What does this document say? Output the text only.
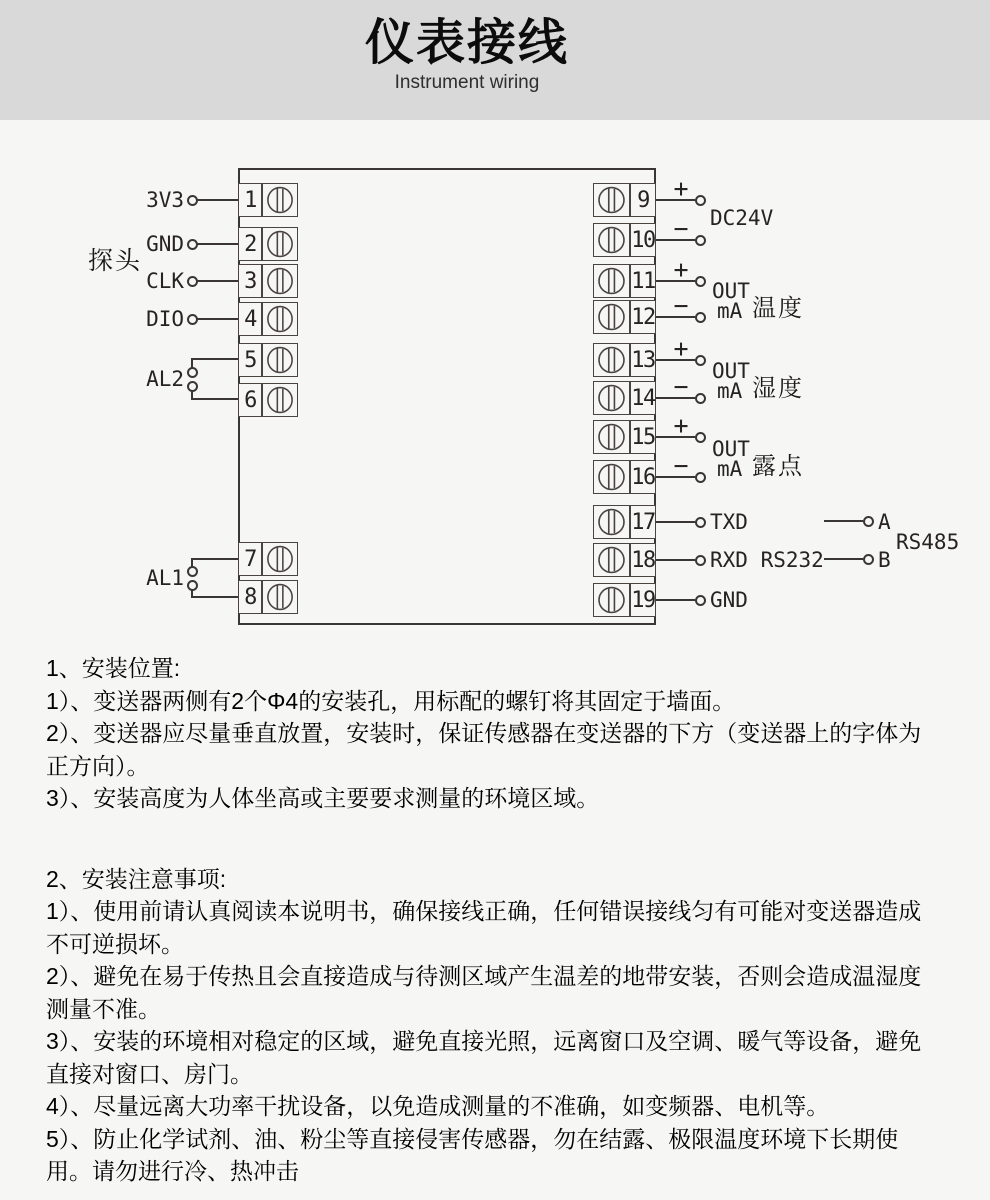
仪表接线
Instrument wiring
探头
AL2
AL1
DC24V
OUT
mA 温度
OUT
mA 湿度
OUT
mA 露点
A
B
RS485
1
3V3
2
GND
3
CLK
4
DIO
5
6
7
8
9 +
10 −
11 +
12 −
13 +
14 −
15 +
16 −
17	TXD
18	RXD RS232
19	GND

1、安装位置:

1）、变送器两侧有2个Φ4的安装孔，用标配的螺钉将其固定于墙面。

2）、变送器应尽量垂直放置，安装时，保证传感器在变送器的下方（变送器上的字体为正方向）。

3）、安装高度为人体坐高或主要要求测量的环境区域。

2、安装注意事项:

1）、使用前请认真阅读本说明书，确保接线正确，任何错误接线匀有可能对变送器造成不可逆损坏。

2）、避免在易于传热且会直接造成与待测区域产生温差的地带安装，否则会造成温湿度测量不准。

3）、安装的环境相对稳定的区域，避免直接光照，远离窗口及空调、暖气等设备，避免直接对窗口、房门。

4）、尽量远离大功率干扰设备，以免造成测量的不准确，如变频器、电机等。

5）、防止化学试剂、油、粉尘等直接侵害传感器，勿在结露、极限温度环境下长期使用。请勿进行冷、热冲击
